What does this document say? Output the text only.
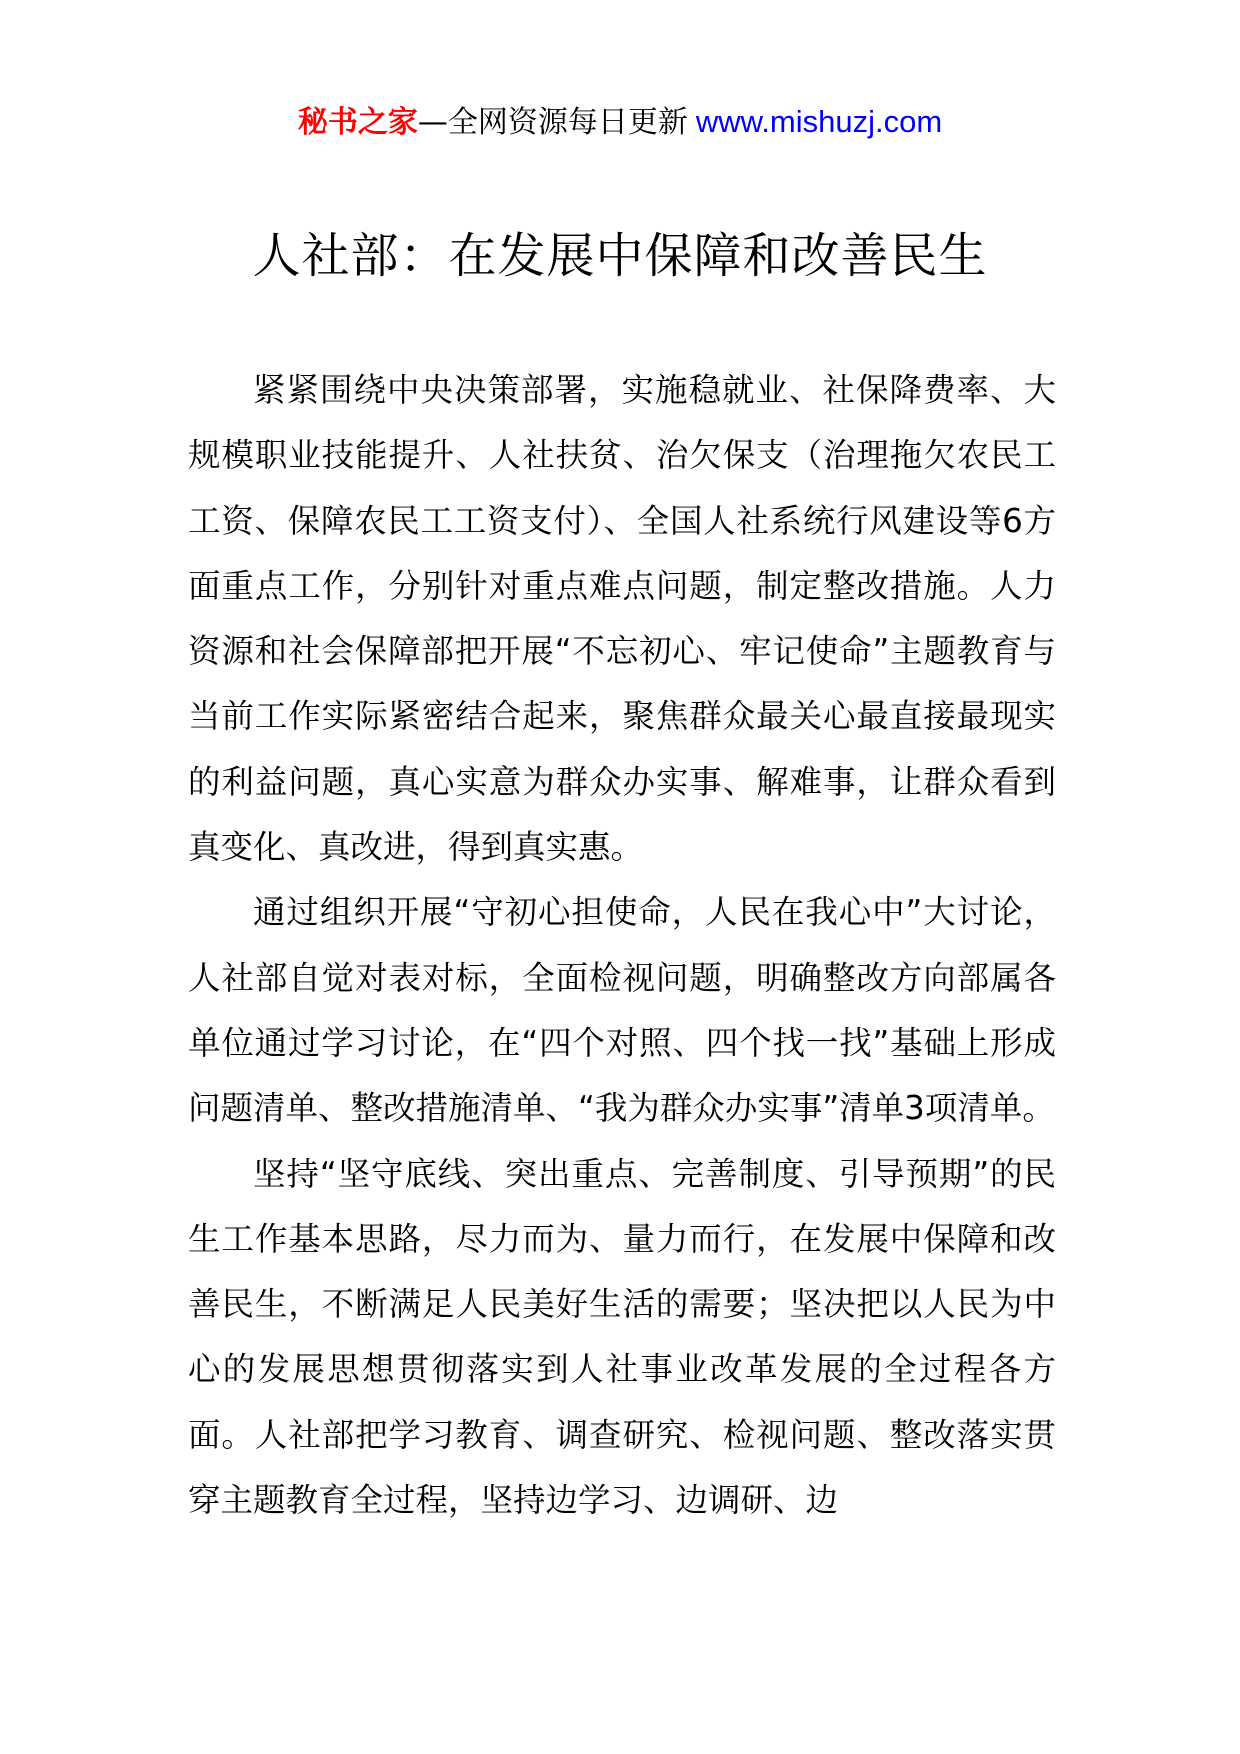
秘书之家—全网资源每日更新 www.mishuzj.com
人社部：在发展中保障和改善民生

紧紧围绕中央决策部署，实施稳就业、社保降费率、大规模职业技能提升、人社扶贫、治欠保支（治理拖欠农民工工资、保障农民工工资支付）、全国人社系统行风建设等6方面重点工作，分别针对重点难点问题，制定整改措施。人力资源和社会保障部把开展“不忘初心、牢记使命”主题教育与当前工作实际紧密结合起来，聚焦群众最关心最直接最现实的利益问题，真心实意为群众办实事、解难事，让群众看到真变化、真改进，得到真实惠。

通过组织开展“守初心担使命，人民在我心中”大讨论，人社部自觉对表对标，全面检视问题，明确整改方向部属各单位通过学习讨论，在“四个对照、四个找一找”基础上形成问题清单、整改措施清单、“我为群众办实事”清单3项清单。

坚持“坚守底线、突出重点、完善制度、引导预期”的民生工作基本思路，尽力而为、量力而行，在发展中保障和改善民生，不断满足人民美好生活的需要；坚决把以人民为中心的发展思想贯彻落实到人社事业改革发展的全过程各方面。人社部把学习教育、调查研究、检视问题、整改落实贯穿主题教育全过程，坚持边学习、边调研、边
